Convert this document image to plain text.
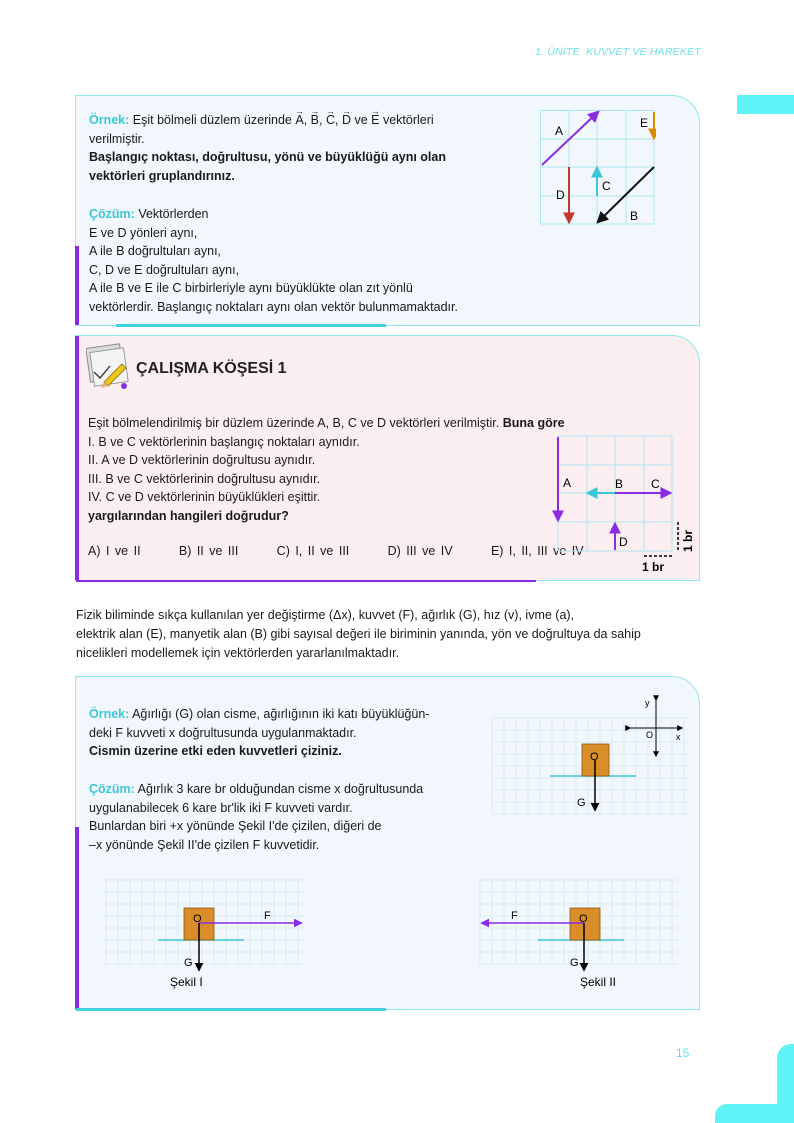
1. ÜNİTE KUVVET VE HAREKET
Örnek: Eşit bölmeli düzlem üzerinde → A, → B, → C, → D ve → E vektörleri
verilmiştir.
Başlangıç noktası, doğrultusu, yönü ve büyüklüğü aynı olan
vektörleri gruplandırınız.
Çözüm: Vektörlerden
E ve D yönleri aynı,
A ile B doğrultuları aynı,
C, D ve E doğrultuları aynı,
A ile B ve E ile C birbirleriyle aynı büyüklükte olan zıt yönlü
vektörlerdir. Başlangıç noktaları aynı olan vektör bulunmamaktadır.
A
E
C
D
B
ÇALIŞMA KÖŞESİ 1
Eşit bölmelendirilmiş bir düzlem üzerinde A, B, C ve D vektörleri verilmiştir. Buna göre
I. B ve C vektörlerinin başlangıç noktaları aynıdır.
II. A ve D vektörlerinin doğrultusu aynıdır.
III. B ve C vektörlerinin doğrultusu aynıdır.
IV. C ve D vektörlerinin büyüklükleri eşittir.
yargılarından hangileri doğrudur?
A) I ve II	B) II ve III	C) I, II ve III	D) III ve IV	E) I, II, III ve IV
A	B C
D
1 br
1 br
Fizik biliminde sıkça kullanılan yer değiştirme (Δx), kuvvet (F), ağırlık (G), hız (v), ivme (a),
elektrik alan (E), manyetik alan (B) gibi sayısal değeri ile biriminin yanında, yön ve doğrultuya da sahip
nicelikleri modellemek için vektörlerden yararlanılmaktadır.
Örnek: Ağırlığı (G) olan cisme, ağırlığının iki katı büyüklüğün-
deki F kuvveti x doğrultusunda uygulanmaktadır.
Cismin üzerine etki eden kuvvetleri çiziniz.
Çözüm: Ağırlık 3 kare br olduğundan cisme x doğrultusunda
uygulanabilecek 6 kare br'lik iki F kuvveti vardır.
Bunlardan biri +x yönünde Şekil I'de çizilen, diğeri de
–x yönünde Şekil II'de çizilen F kuvvetidir.
y
x
O
O
G
O	F
G
Şekil I
O
F
G
Şekil II
15
